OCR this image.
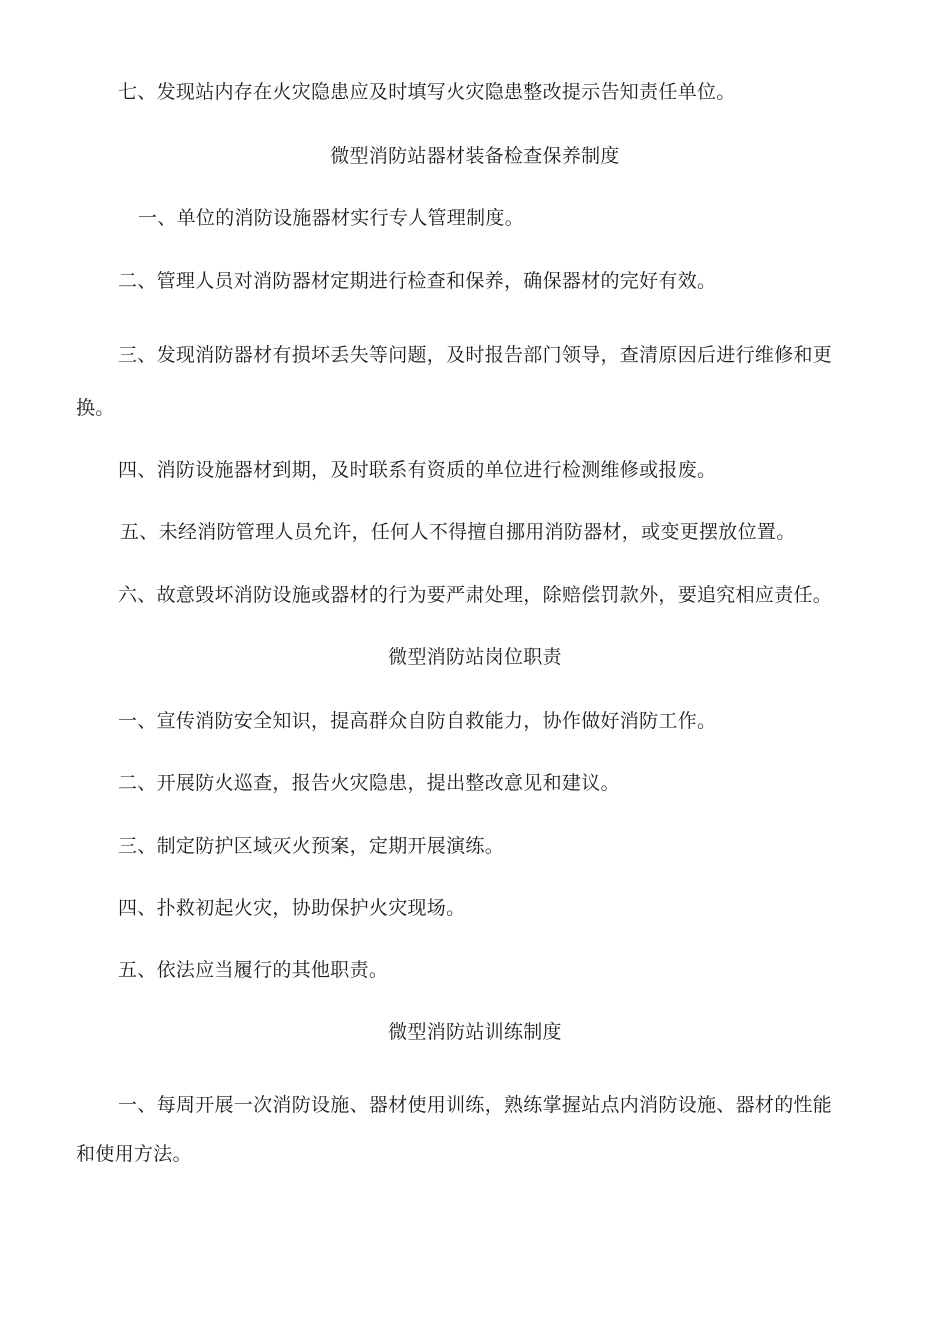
七、发现站内存在火灾隐患应及时填写火灾隐患整改提示告知责任单位。
微型消防站器材装备检查保养制度
一、单位的消防设施器材实行专人管理制度。
二、管理人员对消防器材定期进行检查和保养，确保器材的完好有效。
三、发现消防器材有损坏丢失等问题，及时报告部门领导，查清原因后进行维修和更
换。
四、消防设施器材到期，及时联系有资质的单位进行检测维修或报废。
五、未经消防管理人员允许，任何人不得擅自挪用消防器材，或变更摆放位置。
六、故意毁坏消防设施或器材的行为要严肃处理，除赔偿罚款外，要追究相应责任。
微型消防站岗位职责
一、宣传消防安全知识，提高群众自防自救能力，协作做好消防工作。
二、开展防火巡查，报告火灾隐患，提出整改意见和建议。
三、制定防护区域灭火预案，定期开展演练。
四、扑救初起火灾，协助保护火灾现场。
五、依法应当履行的其他职责。
微型消防站训练制度
一、每周开展一次消防设施、器材使用训练，熟练掌握站点内消防设施、器材的性能
和使用方法。
